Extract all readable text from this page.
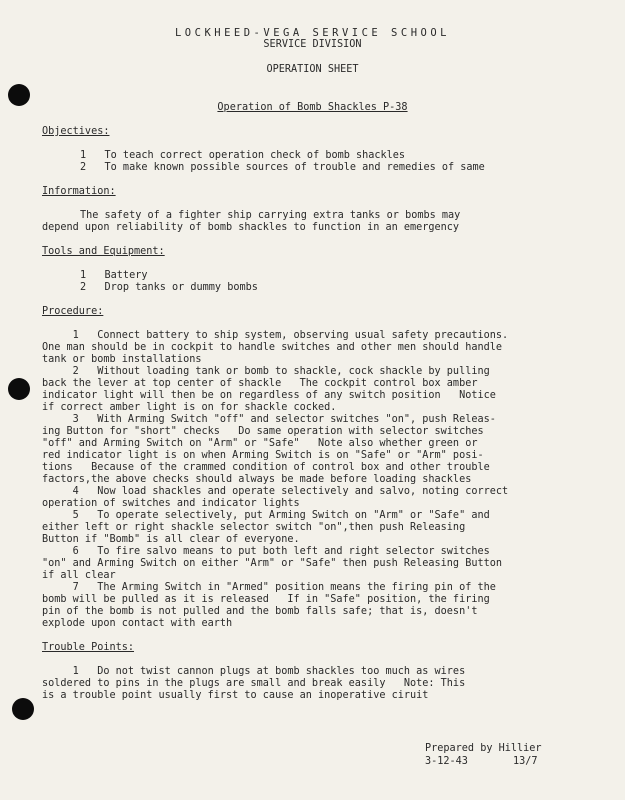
LOCKHEED-VEGA SERVICE SCHOOL
SERVICE DIVISION
OPERATION SHEET
Operation of Bomb Shackles P-38
Objectives:
1   To teach correct operation check of bomb shackles
2   To make known possible sources of trouble and remedies of same
Information:
The safety of a fighter ship carrying extra tanks or bombs may
depend upon reliability of bomb shackles to function in an emergency
Tools and Equipment:
1   Battery
2   Drop tanks or dummy bombs
Procedure:
1   Connect battery to ship system, observing usual safety precautions.
One man should be in cockpit to handle switches and other men should handle
tank or bomb installations
2   Without loading tank or bomb to shackle, cock shackle by pulling
back the lever at top center of shackle   The cockpit control box amber
indicator light will then be on regardless of any switch position   Notice
if correct amber light is on for shackle cocked.
3   With Arming Switch "off" and selector switches "on", push Releas-
ing Button for "short" checks   Do same operation with selector switches
"off" and Arming Switch on "Arm" or "Safe"   Note also whether green or
red indicator light is on when Arming Switch is on "Safe" or "Arm" posi-
tions   Because of the crammed condition of control box and other trouble
factors,the above checks should always be made before loading shackles
4   Now load shackles and operate selectively and salvo, noting correct
operation of switches and indicator lights
5   To operate selectively, put Arming Switch on "Arm" or "Safe" and
either left or right shackle selector switch "on",then push Releasing
Button if "Bomb" is all clear of everyone.
6   To fire salvo means to put both left and right selector switches
"on" and Arming Switch on either "Arm" or "Safe" then push Releasing Button
if all clear
7   The Arming Switch in "Armed" position means the firing pin of the
bomb will be pulled as it is released   If in "Safe" position, the firing
pin of the bomb is not pulled and the bomb falls safe; that is, doesn't
explode upon contact with earth
Trouble Points:
1   Do not twist cannon plugs at bomb shackles too much as wires
soldered to pins in the plugs are small and break easily   Note: This
is a trouble point usually first to cause an inoperative ciruit
Prepared by Hillier
3-12-43	13/7
